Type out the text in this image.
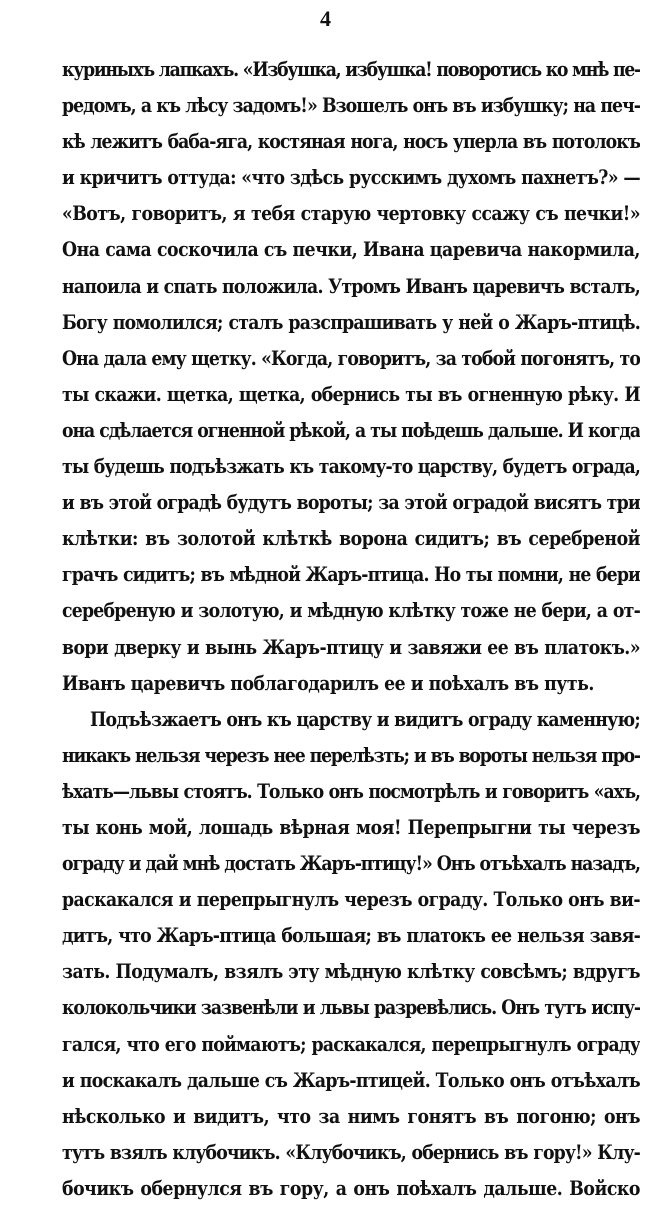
4
куриныхъ лапкахъ. «Избушка, избушка! поворотись ко мнѣ пе-
редомъ, а къ лѣсу задомъ!» Взошелъ онъ въ избушку; на печ-
кѣ лежитъ баба-яга, костяная нога, носъ уперла въ потолокъ
и кричитъ оттуда: «что здѣсь русскимъ духомъ пахнетъ?» —
«Вотъ, говоритъ, я тебя старую чертовку ссажу съ печки!»
Она сама соскочила съ печки, Ивана царевича накормила,
напоила и спать положила. Утромъ Иванъ царевичъ всталъ,
Богу помолился; сталъ разспрашивать у ней о Жаръ-птицѣ.
Она дала ему щетку. «Когда, говоритъ, за тобой погонятъ, то
ты скажи. щетка, щетка, обернись ты въ огненную рѣку. И
она сдѣлается огненной рѣкой, а ты поѣдешь дальше. И когда
ты будешь подъѣзжать къ такому-то царству, будетъ ограда,
и въ этой оградѣ будутъ вороты; за этой оградой висятъ три
клѣтки: въ золотой клѣткѣ ворона сидитъ; въ серебреной
грачъ сидитъ; въ мѣдной Жаръ-птица. Но ты помни, не бери
серебреную и золотую, и мѣдную клѣтку тоже не бери, а от-
вори дверку и вынь Жаръ-птицу и завяжи ее въ платокъ.»
Иванъ царевичъ поблагодарилъ ее и поѣхалъ въ путь.
Подъѣзжаетъ онъ къ царству и видитъ ограду каменную;
никакъ нельзя черезъ нее перелѣзть; и въ вороты нельзя про-
ѣхать—львы стоятъ. Только онъ посмотрѣлъ и говоритъ «ахъ,
ты конь мой, лошадь вѣрная моя! Перепрыгни ты черезъ
ограду и дай мнѣ достать Жаръ-птицу!» Онъ отъѣхалъ назадъ,
раскакался и перепрыгнулъ черезъ ограду. Только онъ ви-
дитъ, что Жаръ-птица большая; въ платокъ ее нельзя завя-
зать. Подумалъ, взялъ эту мѣдную клѣтку совсѣмъ; вдругъ
колокольчики зазвенѣли и львы разревѣлись. Онъ тутъ испу-
гался, что его поймаютъ; раскакался, перепрыгнулъ ограду
и поскакалъ дальше съ Жаръ-птицей. Только онъ отъѣхалъ
нѣсколько и видитъ, что за нимъ гонятъ въ погоню; онъ
тутъ взялъ клубочикъ. «Клубочикъ, обернись въ гору!» Клу-
бочикъ обернулся въ гору, а онъ поѣхалъ дальше. Войско
